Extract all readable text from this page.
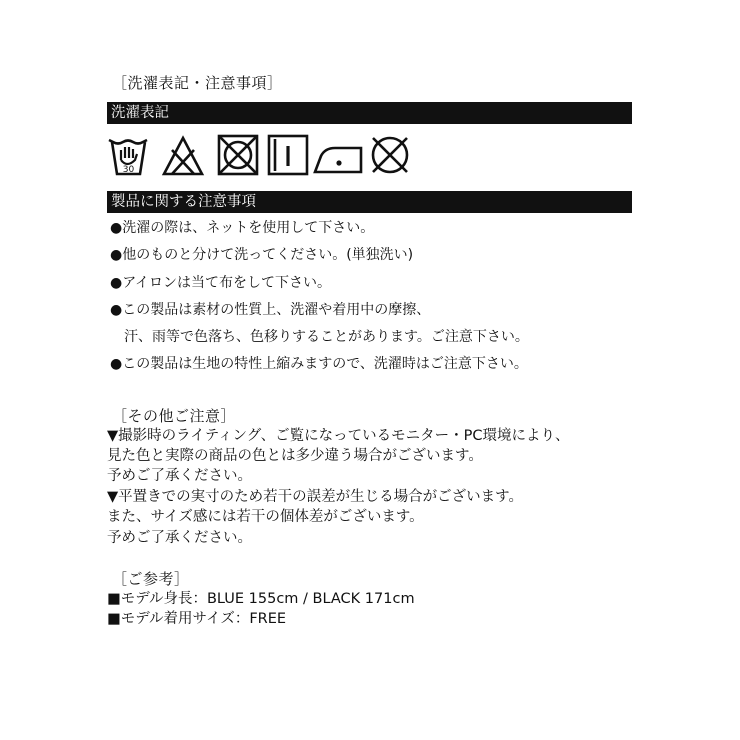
［洗濯表記・注意事項］
洗濯表記
30
製品に関する注意事項
●洗濯の際は、ネットを使用して下さい。
●他のものと分けて洗ってください。(単独洗い)
●アイロンは当て布をして下さい。
●この製品は素材の性質上、洗濯や着用中の摩擦、
　汗、雨等で色落ち、色移りすることがあります。ご注意下さい。
●この製品は生地の特性上縮みますので、洗濯時はご注意下さい。
［その他ご注意］
▼撮影時のライティング、ご覧になっているモニター・PC環境により、
見た色と実際の商品の色とは多少違う場合がございます。
予めご了承ください。
▼平置きでの実寸のため若干の誤差が生じる場合がございます。
また、サイズ感には若干の個体差がございます。
予めご了承ください。
［ご参考］
■モデル身長：BLUE 155cm / BLACK 171cm
■モデル着用サイズ：FREE
